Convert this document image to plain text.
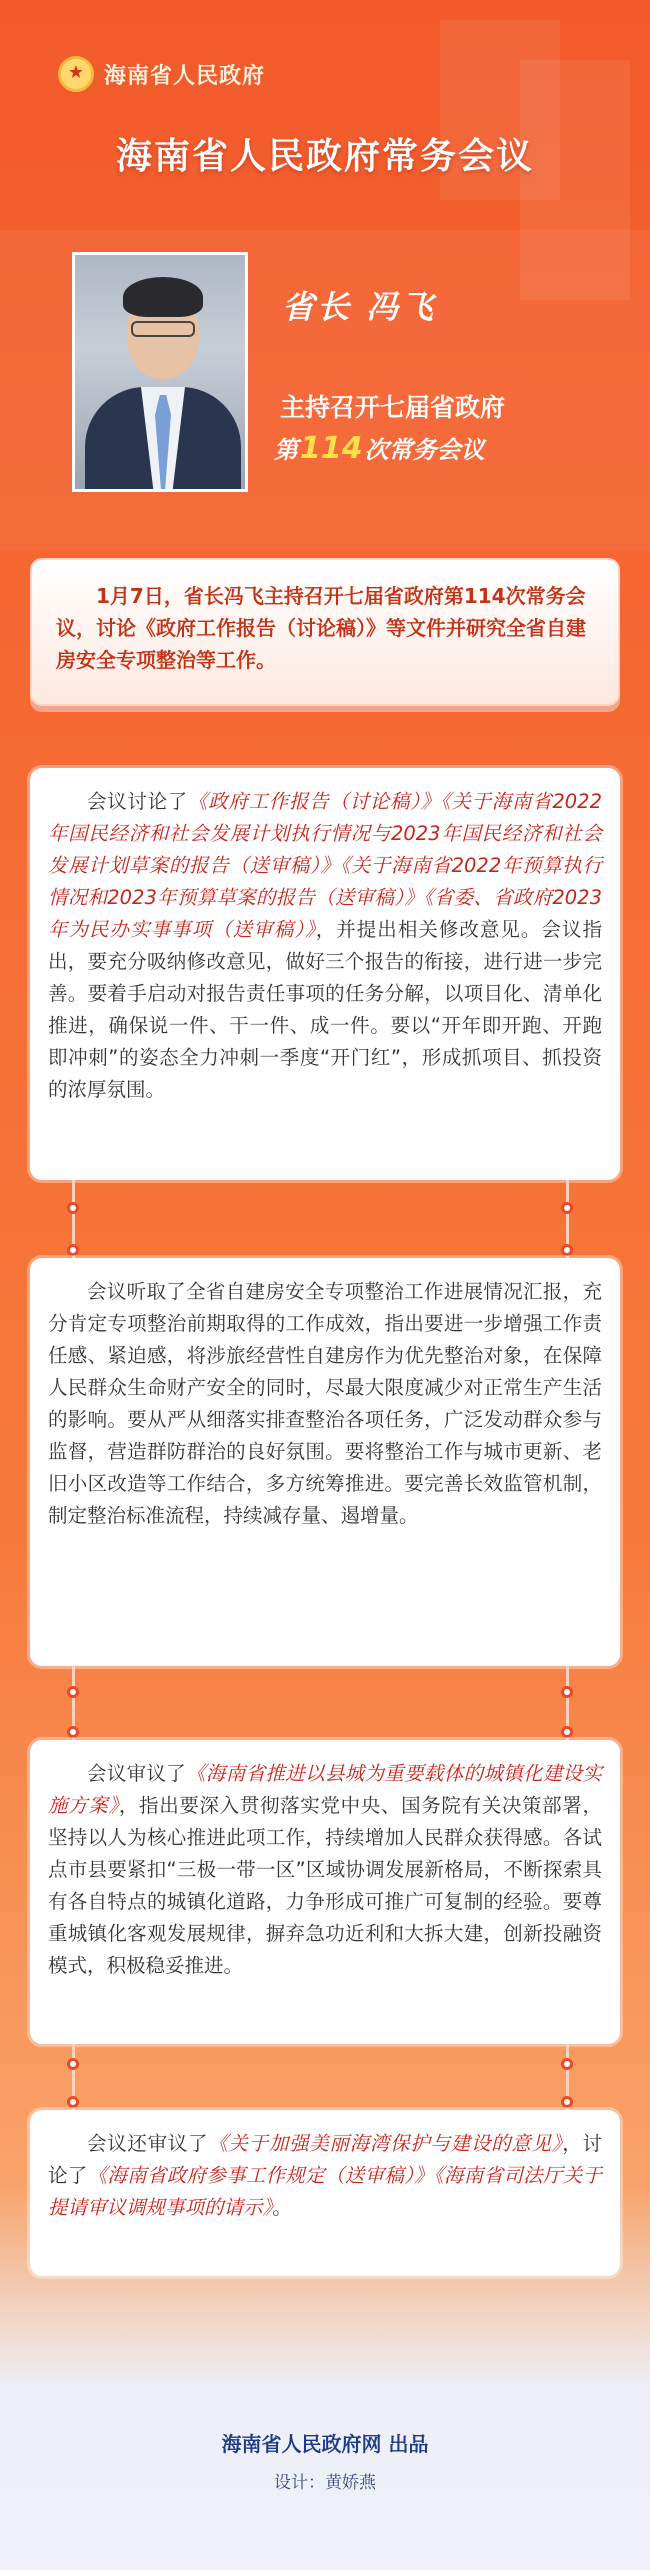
★
海南省人民政府
海南省人民政府常务会议
省长 冯飞
主持召开七届省政府
第 114 次常务会议
1月7日，省长冯飞主持召开七届省政府第114次常务会议，讨论《政府工作报告（讨论稿）》等文件并研究全省自建房安全专项整治等工作。

会议讨论了《政府工作报告（讨论稿）》《关于海南省2022年国民经济和社会发展计划执行情况与2023年国民经济和社会发展计划草案的报告（送审稿）》《关于海南省2022年预算执行情况和2023年预算草案的报告（送审稿）》《省委、省政府2023年为民办实事事项（送审稿）》，并提出相关修改意见。会议指出，要充分吸纳修改意见，做好三个报告的衔接，进行进一步完善。要着手启动对报告责任事项的任务分解，以项目化、清单化推进，确保说一件、干一件、成一件。要以“开年即开跑、开跑即冲刺”的姿态全力冲刺一季度“开门红”，形成抓项目、抓投资的浓厚氛围。

会议听取了全省自建房安全专项整治工作进展情况汇报，充分肯定专项整治前期取得的工作成效，指出要进一步增强工作责任感、紧迫感，将涉旅经营性自建房作为优先整治对象，在保障人民群众生命财产安全的同时，尽最大限度减少对正常生产生活的影响。要从严从细落实排查整治各项任务，广泛发动群众参与监督，营造群防群治的良好氛围。要将整治工作与城市更新、老旧小区改造等工作结合，多方统筹推进。要完善长效监管机制，制定整治标准流程，持续减存量、遏增量。

会议审议了《海南省推进以县城为重要载体的城镇化建设实施方案》，指出要深入贯彻落实党中央、国务院有关决策部署，坚持以人为核心推进此项工作，持续增加人民群众获得感。各试点市县要紧扣“三极一带一区”区域协调发展新格局，不断探索具有各自特点的城镇化道路，力争形成可推广可复制的经验。要尊重城镇化客观发展规律，摒弃急功近利和大拆大建，创新投融资模式，积极稳妥推进。

会议还审议了《关于加强美丽海湾保护与建设的意见》，讨论了《海南省政府参事工作规定（送审稿）》《海南省司法厅关于提请审议调规事项的请示》。

海南省人民政府网 出品
设计：黄娇燕
